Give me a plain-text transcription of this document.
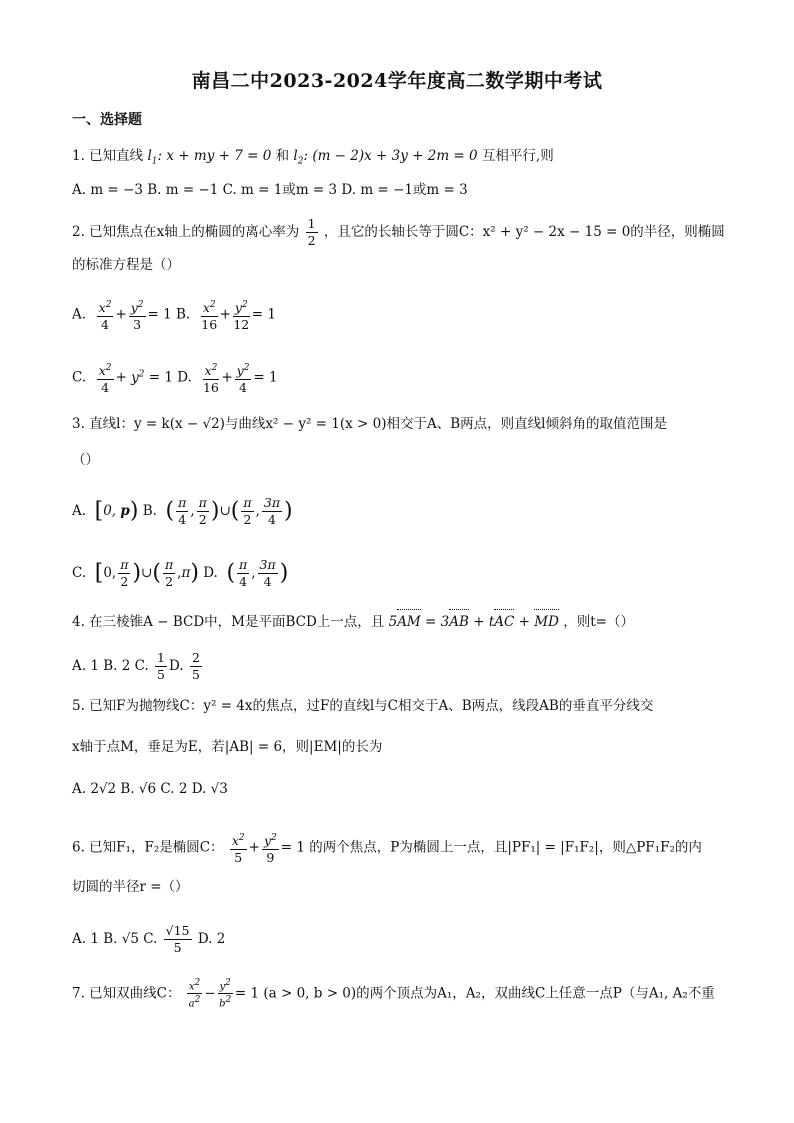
南昌二中2023-2024学年度高二数学期中考试
一、选择题
1. 已知直线 $l_1$: x + my + 7 = 0 和 $l_2$: (m − 2)x + 3y + 2m = 0 互相平行,则
A. m = −3 B. m = −1 C. m = 1或m = 3 D. m = −1或m = 3
2. 已知焦点在x轴上的椭圆的离心率为 $\frac{1}{2}$ ，且它的长轴长等于圆C：x² + y² − 2x − 15 = 0的半径，则椭圆
的标准方程是（）
A. $\frac{x^2}{4} + \frac{y^2}{3} = 1$ B. $\frac{x^2}{16} + \frac{y^2}{12} = 1$
C. $\frac{x^2}{4} + y^2 = 1$ D. $\frac{x^2}{16} + \frac{y^2}{4} = 1$
3. 直线l：y = k(x − √2)与曲线x² − y² = 1(x > 0)相交于A、B两点，则直线l倾斜角的取值范围是
（）
A.  [0, p) B.  ( $\frac{\pi}{4}$ , $\frac{\pi}{2}$ )∪( $\frac{\pi}{2}$ , $\frac{3\pi}{4}$ )
C.  [0, $\frac{\pi}{2}$ )∪( $\frac{\pi}{2} ,\pi$) D.  ( $\frac{\pi}{4}$ , $\frac{3\pi}{4}$ )
4. 在三棱锥A − BCD中，M是平面BCD上一点，且 5AM = 3AB + tAC + MD ，则t=（）
A. 1 B. 2 C. $\frac{1}{5} D$. $\frac{2}{5}$
5. 已知F为抛物线C：y² = 4x的焦点，过F的直线l与C相交于A、B两点，线段AB的垂直平分线交
x轴于点M，垂足为E，若|AB| = 6，则|EM|的长为
A. 2√2 B. √6 C. 2 D. √3
6. 已知F₁，F₂是椭圆C： $\frac{x^2}{5} + \frac{y^2}{9} = 1$ 的两个焦点，P为椭圆上一点，且|PF₁| = |F₁F₂|，则△PF₁F₂的内
切圆的半径r =（）
A. 1 B. √5 C. $\frac{√15}{5} D$. 2
7. 已知双曲线C： $\frac{x^2}{a^2} - \frac{y^2}{b^2} = 1$ (a > 0, b > 0)的两个顶点为A₁，A₂，双曲线C上任意一点P（与A₁, A₂不重
